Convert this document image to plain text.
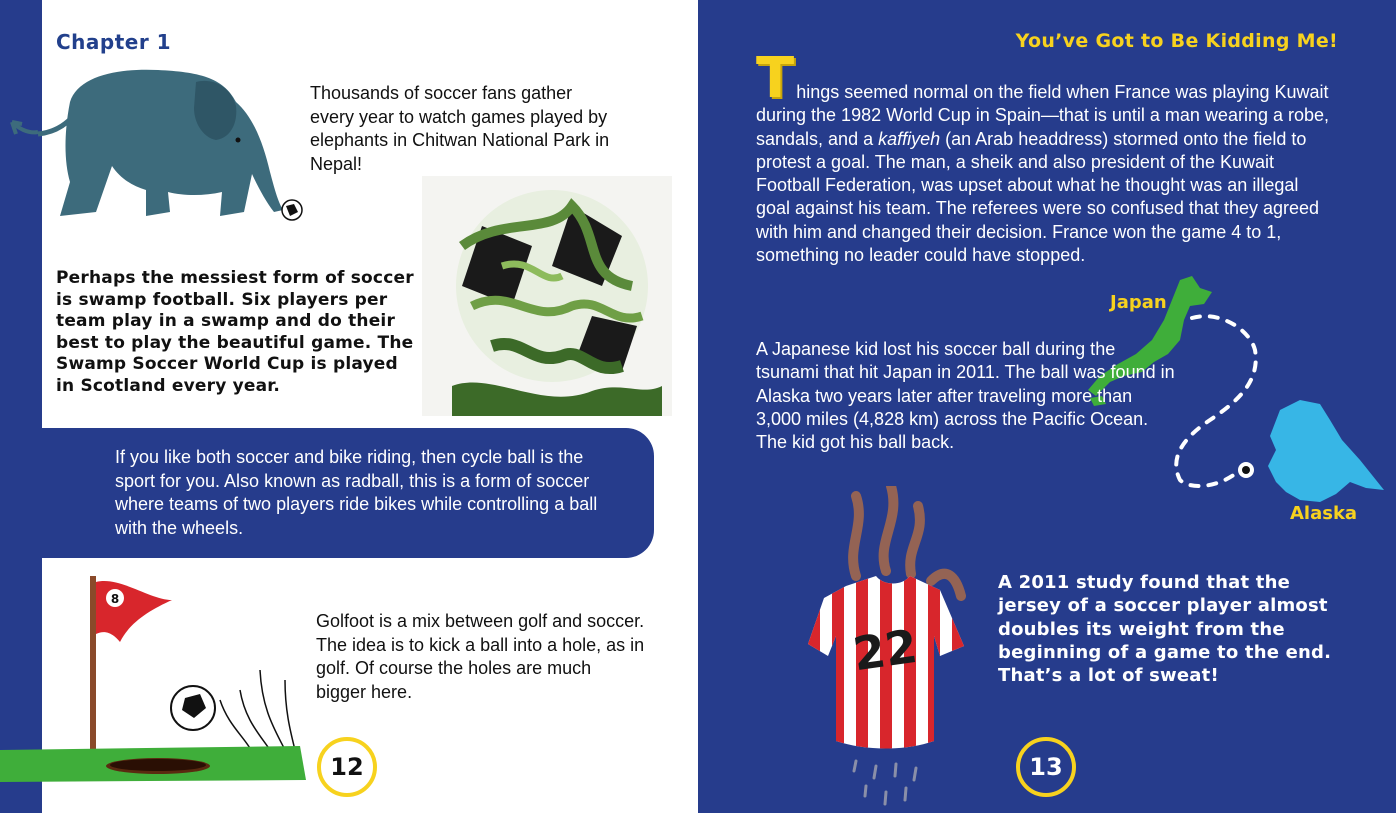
Chapter 1
Thousands of soccer fans gather every year to watch games played by elephants in Chitwan National Park in Nepal!
Perhaps the messiest form of soccer is swamp football. Six players per team play in a swamp and do their best to play the beautiful game. The Swamp Soccer World Cup is played in Scotland every year.
If you like both soccer and bike riding, then cycle ball is the sport for you. Also known as radball, this is a form of soccer where teams of two players ride bikes while controlling a ball with the wheels.
8
Golfoot is a mix between golf and soccer. The idea is to kick a ball into a hole, as in golf. Of course the holes are much bigger here.
12
You’ve Got to Be Kidding Me!
Things seemed normal on the field when France was playing Kuwait during the 1982 World Cup in Spain—that is until a man wearing a robe, sandals, and a kaffiyeh (an Arab headdress) stormed onto the field to protest a goal. The man, a sheik and also president of the Kuwait Football Federation, was upset about what he thought was an illegal goal against his team. The referees were so confused that they agreed with him and changed their decision. France won the game 4 to 1, something no leader could have stopped.
Japan
Alaska
A Japanese kid lost his soccer ball during the tsunami that hit Japan in 2011. The ball was found in Alaska two years later after traveling more than 3,000 miles (4,828 km) across the Pacific Ocean. The kid got his ball back.
22
A 2011 study found that the jersey of a soccer player almost doubles its weight from the beginning of a game to the end. That’s a lot of sweat!
13
